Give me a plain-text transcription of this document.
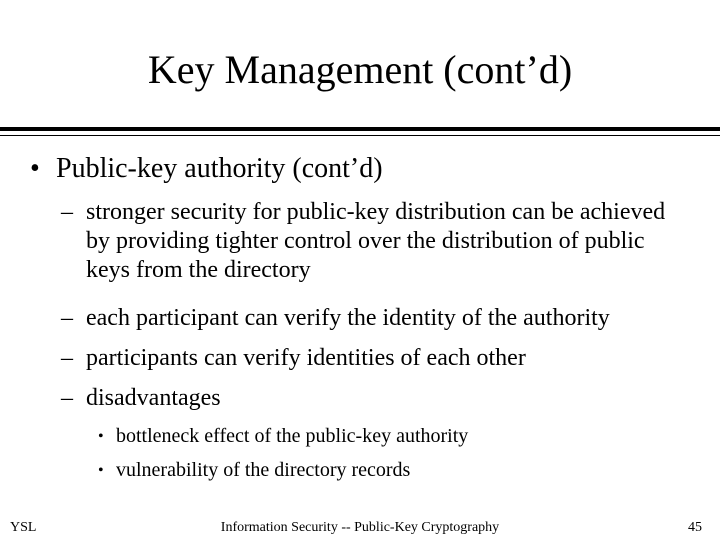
Key Management (cont’d)
• Public-key authority (cont’d)
– stronger security for public-key distribution can be achieved by providing tighter control over the distribution of public keys from the directory
– each participant can verify the identity of the authority
– participants can verify identities of each other
– disadvantages
• bottleneck effect of the public-key authority
• vulnerability of the directory records
YSL	Information Security -- Public-Key Cryptography	45
